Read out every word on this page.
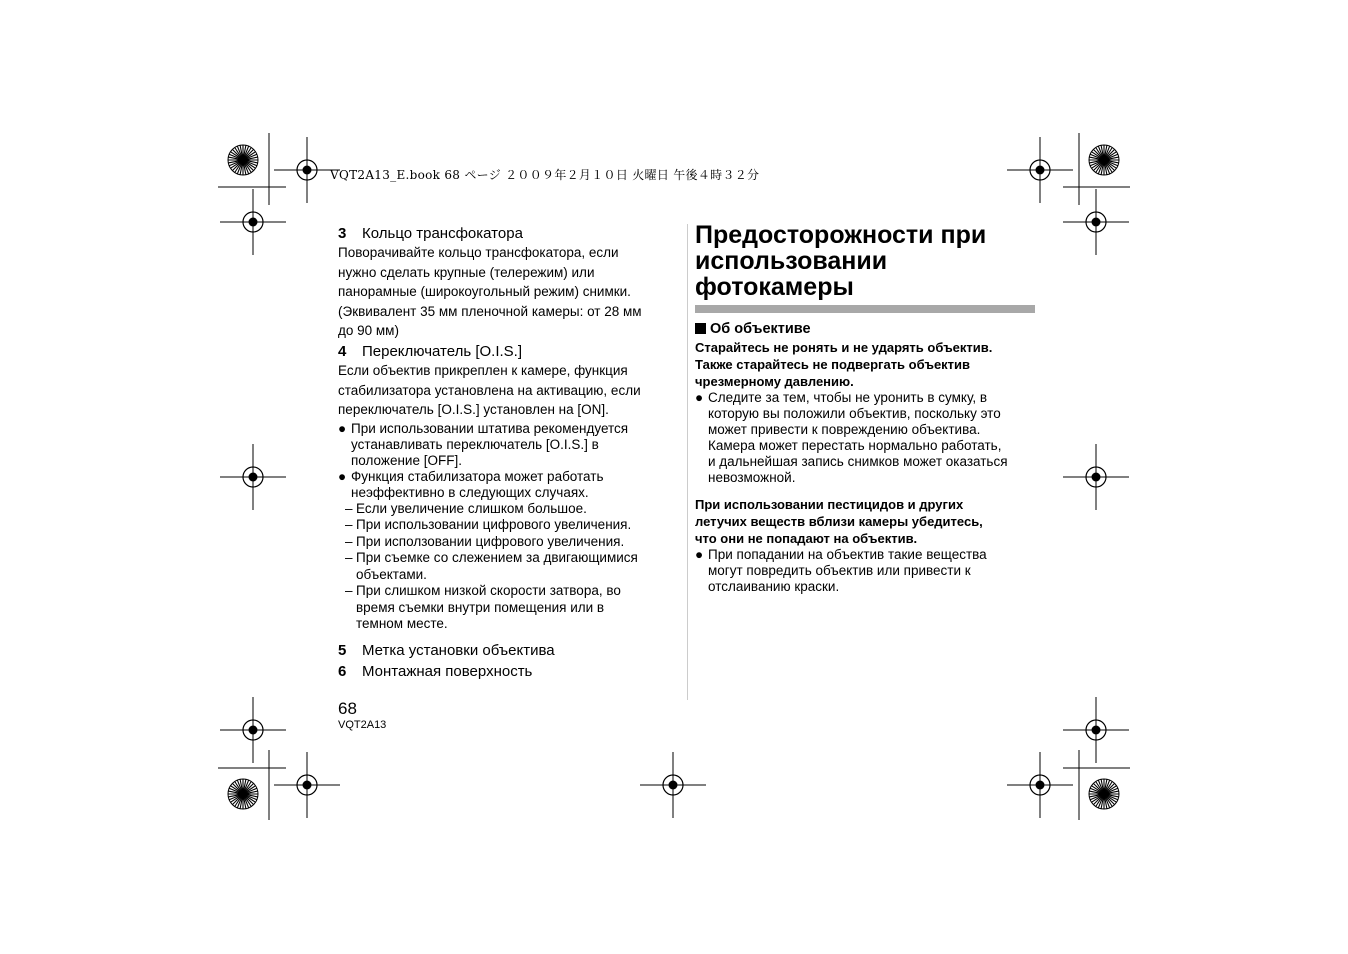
VQT2A13_E.book 68 ページ ２００９年２月１０日 火曜日 午後４時３２分

3 Кольцо трансфокатора

Поворачивайте кольцо трансфокатора, если

нужно сделать крупные (телережим) или

панорамные (широкоугольный режим) снимки.

(Эквивалент 35 мм пленочной камеры: от 28 мм

до 90 мм)

4 Переключатель [O.I.S.]

Если объектив прикреплен к камере, функция

стабилизатора установлена на активацию, если

переключатель [O.I.S.] установлен на [ON].

● При использовании штатива рекомендуется
устанавливать переключатель [O.I.S.] в
положение [OFF].
● Функция стабилизатора может работать
неэффективно в следующих случаях.
– Если увеличение слишком большое.
– При использовании цифрового увеличения.
– При исползовании цифрового увеличения.
– При съемке со слежением за двигающимися
объектами.
– При слишком низкой скорости затвора, во
время съемки внутри помещения или в
темном месте.

5 Метка установки объектива

6 Монтажная поверхность

68
VQT2A13
Предосторожности при
использовании
фотокамеры

Об объективе

Старайтесь не ронять и не ударять объектив.

Также старайтесь не подвергать объектив

чрезмерному давлению.

● Следите за тем, чтобы не уронить в сумку, в
которую вы положили объектив, поскольку это
может привести к повреждению объектива.
Камера может перестать нормально работать,
и дальнейшая запись снимков может оказаться
невозможной.

При использовании пестицидов и других

летучих веществ вблизи камеры убедитесь,

что они не попадают на объектив.

● При попадании на объектив такие вещества
могут повредить объектив или привести к
отслаиванию краски.
